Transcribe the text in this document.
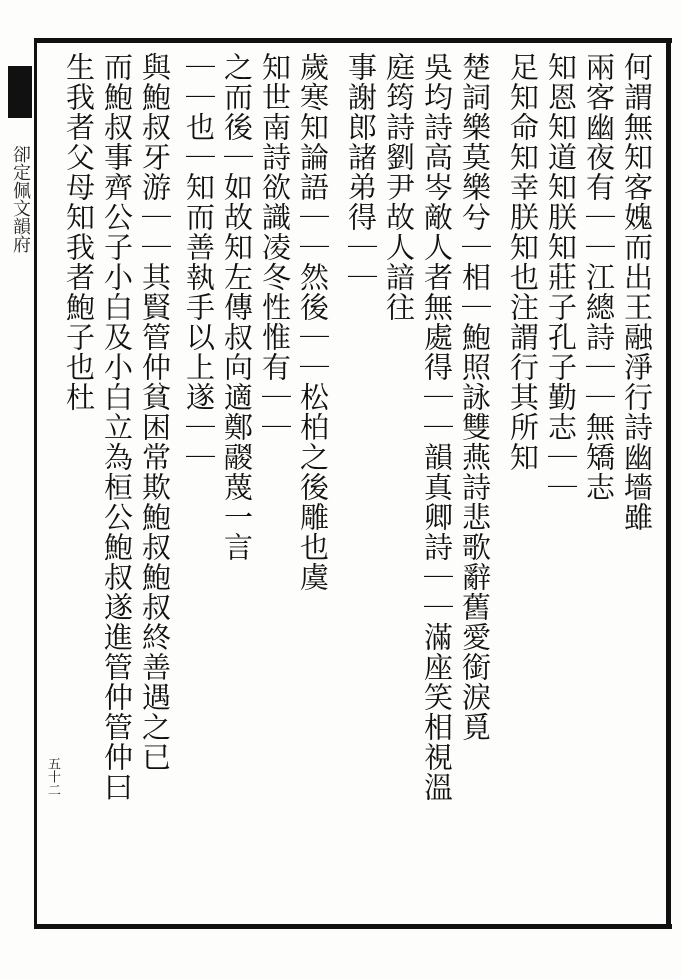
卻定佩文韻府
五十二
何謂無知客媿而出王融淨行詩幽墻雖
兩客幽夜有｜｜江總詩｜｜無矯志
知恩知道知朕知莊子孔子勤志｜｜
足知命知幸朕知也注謂行其所知
楚詞樂莫樂兮｜相｜鮑照詠雙燕詩悲歌辭舊愛銜淚覓
吳均詩高岑敵人者無處得｜｜韻真卿詩｜｜滿座笑相視溫
庭筠詩劉尹故人諳往
事謝郎諸弟得｜｜
歲寒知論語｜｜然後｜｜松柏之後雕也虞
知世南詩欲識凌冬性惟有｜｜
之而後｜如故知左傳叔向適鄭鬷蔑一言
｜｜也｜知而善執手以上遂｜｜
與鮑叔牙游｜｜其賢管仲貧困常欺鮑叔鮑叔終善遇之已
而鮑叔事齊公子小白及小白立為桓公鮑叔遂進管仲管仲曰
生我者父母知我者鮑子也杜
